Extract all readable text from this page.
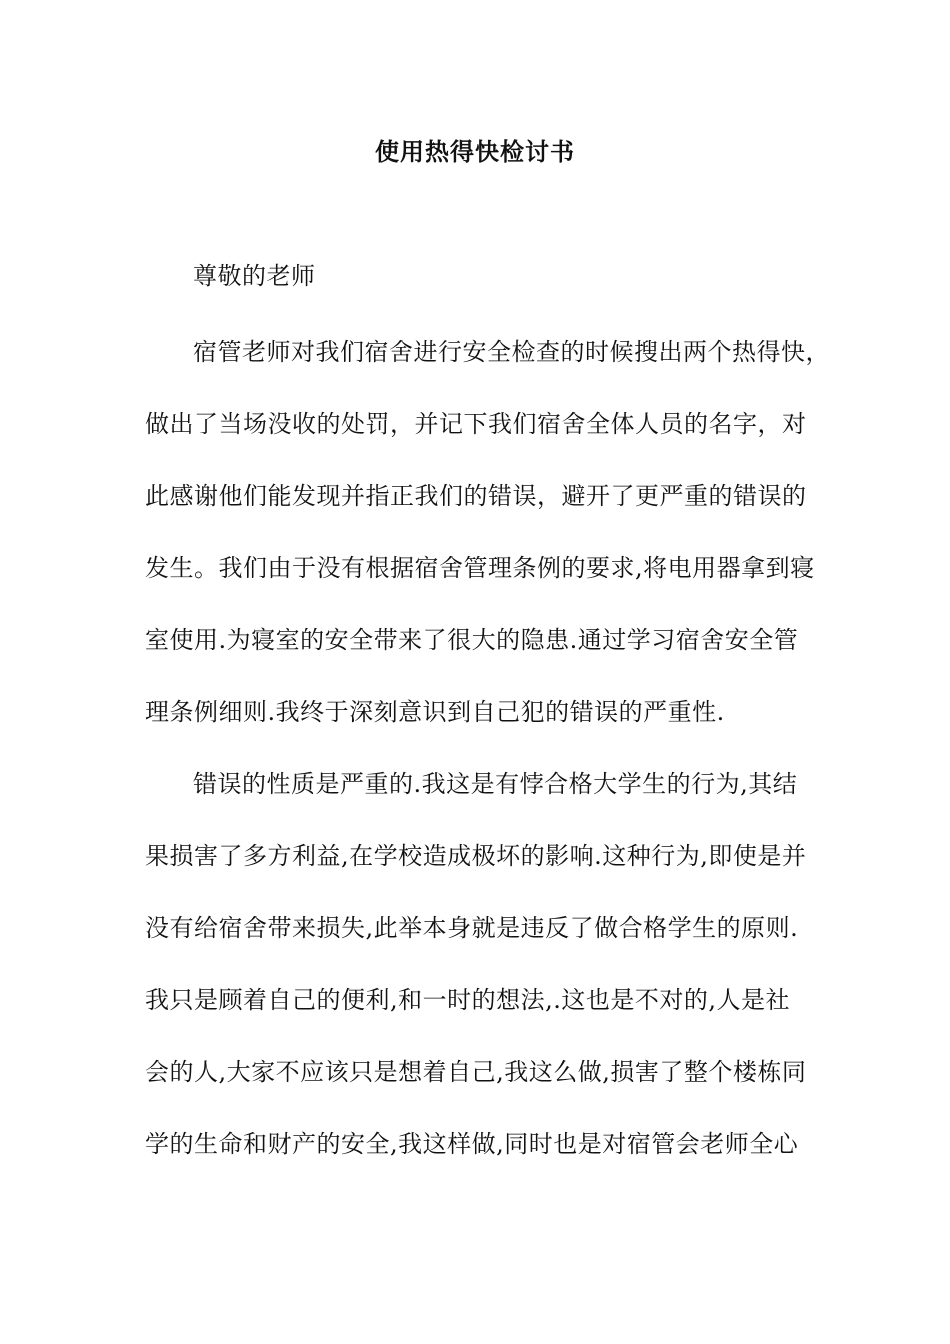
使用热得快检讨书
尊敬的老师
宿管老师对我们宿舍进行安全检查的时候搜出两个热得快，
做出了当场没收的处罚，并记下我们宿舍全体人员的名字，对
此感谢他们能发现并指正我们的错误，避开了更严重的错误的
发生。我们由于没有根据宿舍管理条例的要求,将电用器拿到寝
室使用.为寝室的安全带来了很大的隐患.通过学习宿舍安全管
理条例细则.我终于深刻意识到自己犯的错误的严重性.
错误的性质是严重的.我这是有悖合格大学生的行为,其结
果损害了多方利益,在学校造成极坏的影响.这种行为,即使是并
没有给宿舍带来损失,此举本身就是违反了做合格学生的原则.
我只是顾着自己的便利,和一时的想法,.这也是不对的,人是社
会的人,大家不应该只是想着自己,我这么做,损害了整个楼栋同
学的生命和财产的安全,我这样做,同时也是对宿管会老师全心
